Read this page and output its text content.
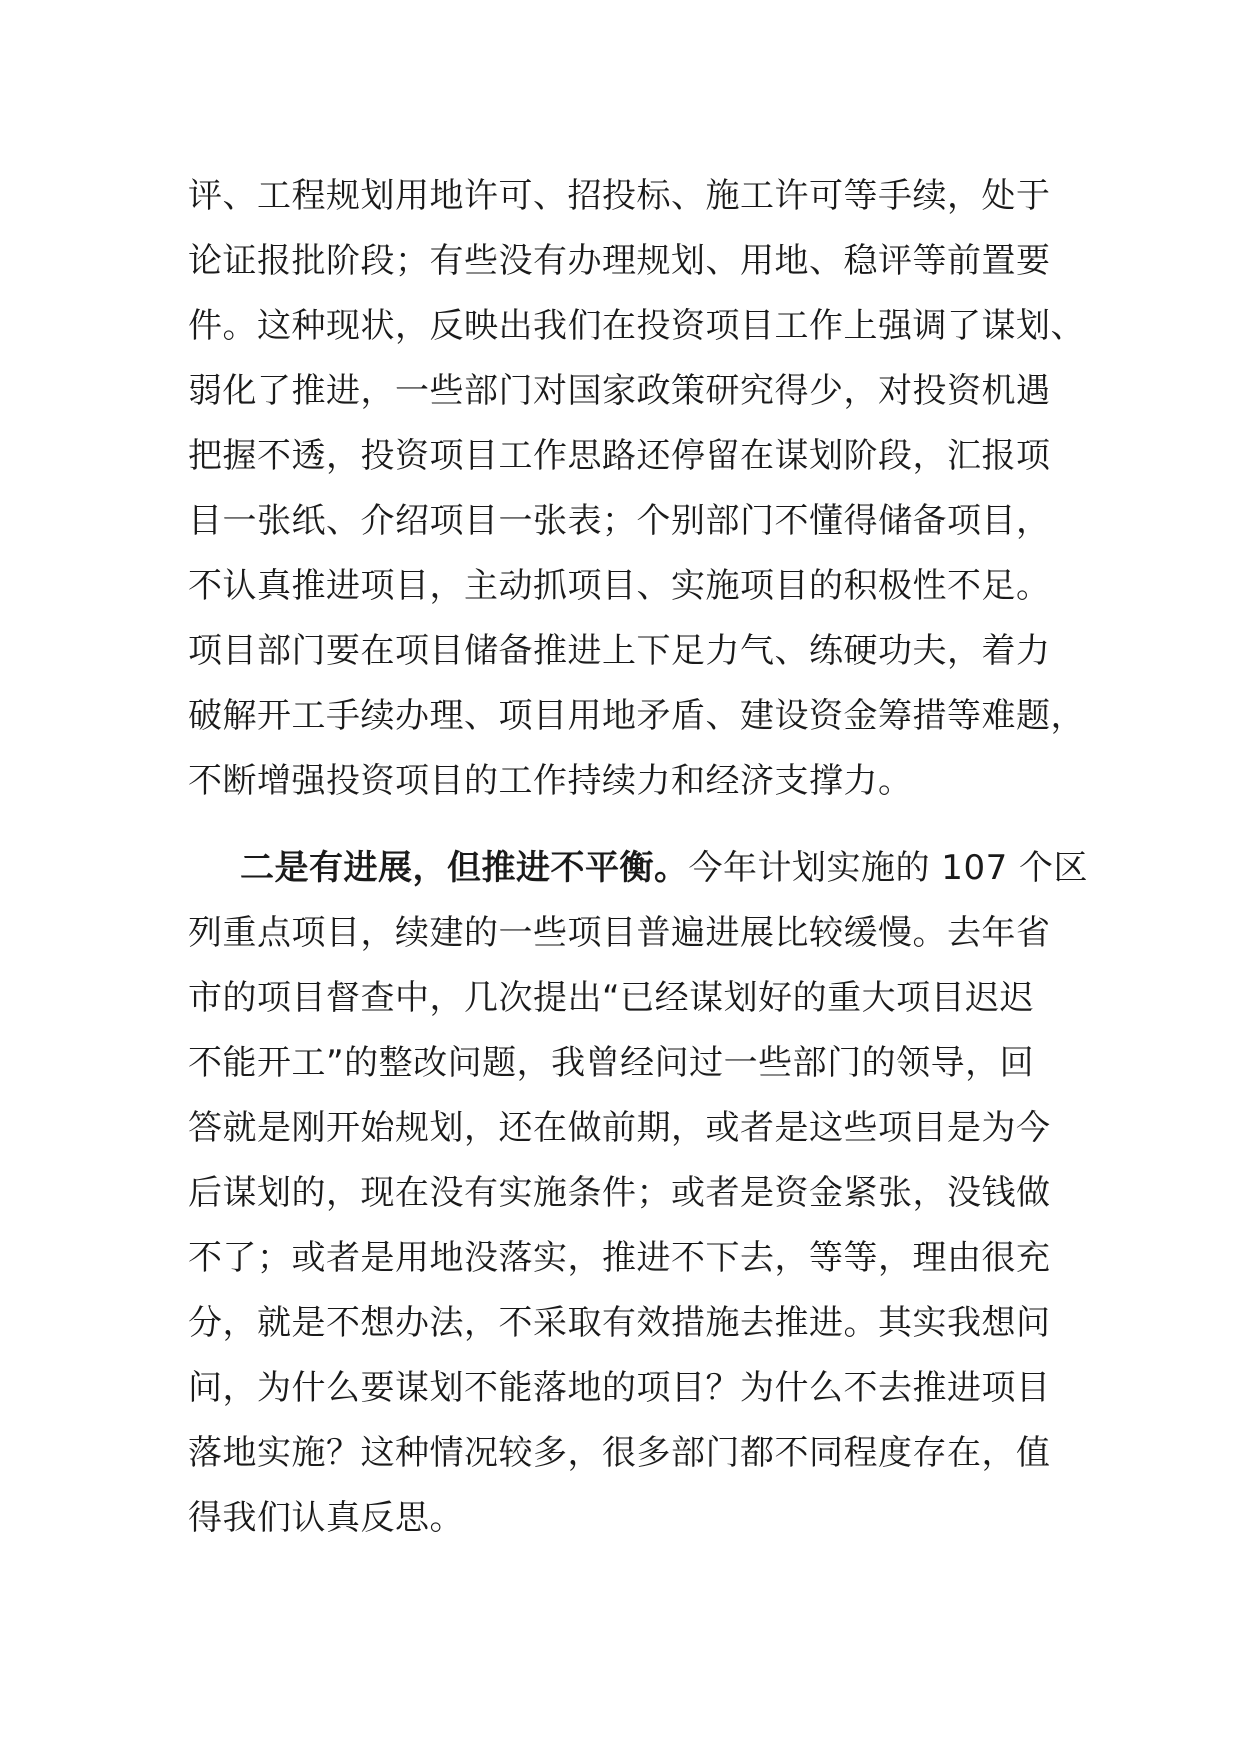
评、工程规划用地许可、招投标、施工许可等手续，处于
论证报批阶段；有些没有办理规划、用地、稳评等前置要
件。这种现状，反映出我们在投资项目工作上强调了谋划、
弱化了推进，一些部门对国家政策研究得少，对投资机遇
把握不透，投资项目工作思路还停留在谋划阶段，汇报项
目一张纸、介绍项目一张表；个别部门不懂得储备项目，
不认真推进项目，主动抓项目、实施项目的积极性不足。
项目部门要在项目储备推进上下足力气、练硬功夫，着力
破解开工手续办理、项目用地矛盾、建设资金筹措等难题，
不断增强投资项目的工作持续力和经济支撑力。
二是有进展，但推进不平衡。今年计划实施的 107 个区
列重点项目，续建的一些项目普遍进展比较缓慢。去年省
市的项目督查中，几次提出“已经谋划好的重大项目迟迟
不能开工”的整改问题，我曾经问过一些部门的领导，回
答就是刚开始规划，还在做前期，或者是这些项目是为今
后谋划的，现在没有实施条件；或者是资金紧张，没钱做
不了；或者是用地没落实，推进不下去，等等，理由很充
分，就是不想办法，不采取有效措施去推进。其实我想问
问，为什么要谋划不能落地的项目？为什么不去推进项目
落地实施？这种情况较多，很多部门都不同程度存在，值
得我们认真反思。
